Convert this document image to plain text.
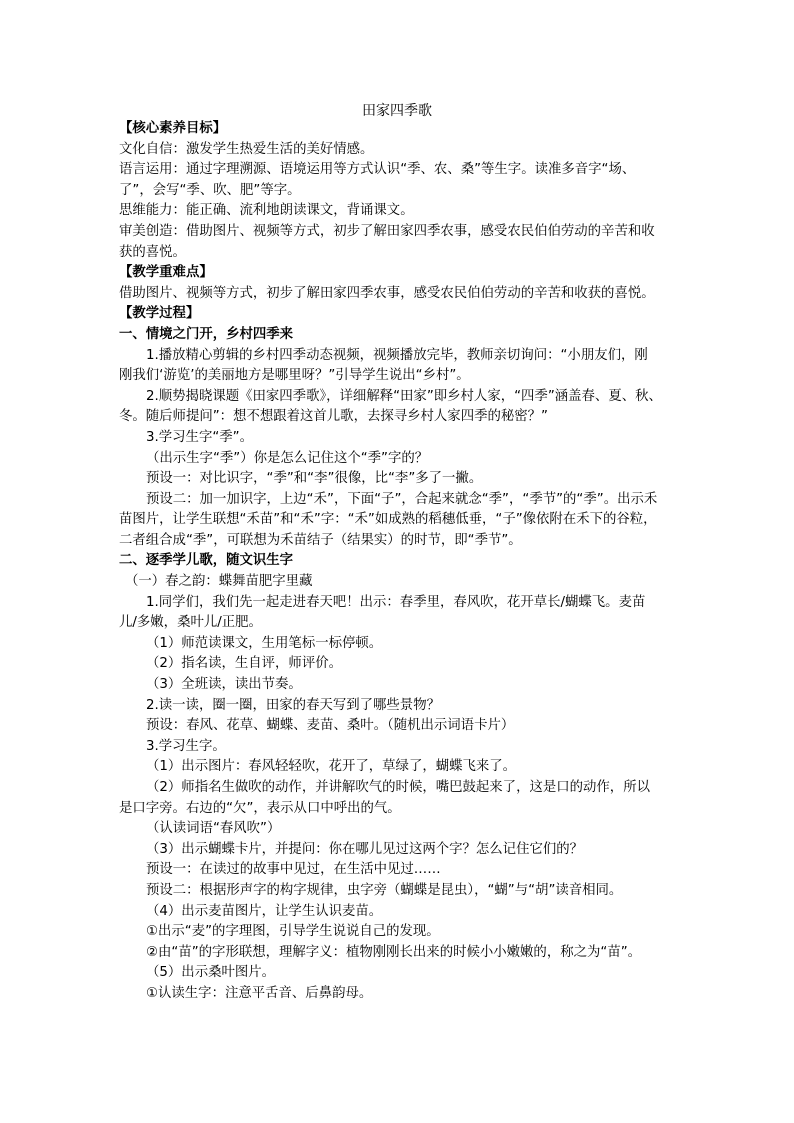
田家四季歌
【核心素养目标】
文化自信：激发学生热爱生活的美好情感。
语言运用：通过字理溯源、语境运用等方式认识“季、农、桑”等生字。读准多音字“场、
了”，会写“季、吹、肥”等字。
思维能力：能正确、流利地朗读课文，背诵课文。
审美创造：借助图片、视频等方式，初步了解田家四季农事，感受农民伯伯劳动的辛苦和收
获的喜悦。
【教学重难点】
借助图片、视频等方式，初步了解田家四季农事，感受农民伯伯劳动的辛苦和收获的喜悦。
【教学过程】
一、情境之门开，乡村四季来
1.播放精心剪辑的乡村四季动态视频，视频播放完毕，教师亲切询问：“小朋友们，刚
刚我们‘游览’的美丽地方是哪里呀？”引导学生说出“乡村”。
2.顺势揭晓课题《田家四季歌》，详细解释“田家”即乡村人家，“四季”涵盖春、夏、秋、
冬。随后师提问”：想不想跟着这首儿歌，去探寻乡村人家四季的秘密？”
3.学习生字“季”。
（出示生字“季”）你是怎么记住这个“季”字的？
预设一：对比识字，“季”和“李”很像，比“李”多了一撇。
预设二：加一加识字，上边“禾”，下面“子”，合起来就念“季”，“季节”的“季”。出示禾
苗图片，让学生联想“禾苗”和“禾”字：“禾”如成熟的稻穗低垂，“子”像依附在禾下的谷粒，
二者组合成“季”，可联想为禾苗结子（结果实）的时节，即“季节”。
二、逐季学儿歌，随文识生字
（一）春之韵：蝶舞苗肥字里藏
1.同学们，我们先一起走进春天吧！出示：春季里，春风吹，花开草长/蝴蝶飞。麦苗
儿/多嫩，桑叶儿/正肥。
（1）师范读课文，生用笔标一标停顿。
（2）指名读，生自评，师评价。
（3）全班读，读出节奏。
2.读一读，圈一圈，田家的春天写到了哪些景物？
预设：春风、花草、蝴蝶、麦苗、桑叶。（随机出示词语卡片）
3.学习生字。
（1）出示图片：春风轻轻吹，花开了，草绿了，蝴蝶飞来了。
（2）师指名生做吹的动作，并讲解吹气的时候，嘴巴鼓起来了，这是口的动作，所以
是口字旁。右边的“欠”，表示从口中呼出的气。
（认读词语“春风吹”）
（3）出示蝴蝶卡片，并提问：你在哪儿见过这两个字？怎么记住它们的？
预设一：在读过的故事中见过，在生活中见过……
预设二：根据形声字的构字规律，虫字旁（蝴蝶是昆虫），“蝴”与“胡”读音相同。
（4）出示麦苗图片，让学生认识麦苗。
①出示“麦”的字理图，引导学生说说自己的发现。
②由“苗”的字形联想，理解字义：植物刚刚长出来的时候小小嫩嫩的，称之为“苗”。
（5）出示桑叶图片。
①认读生字：注意平舌音、后鼻韵母。
